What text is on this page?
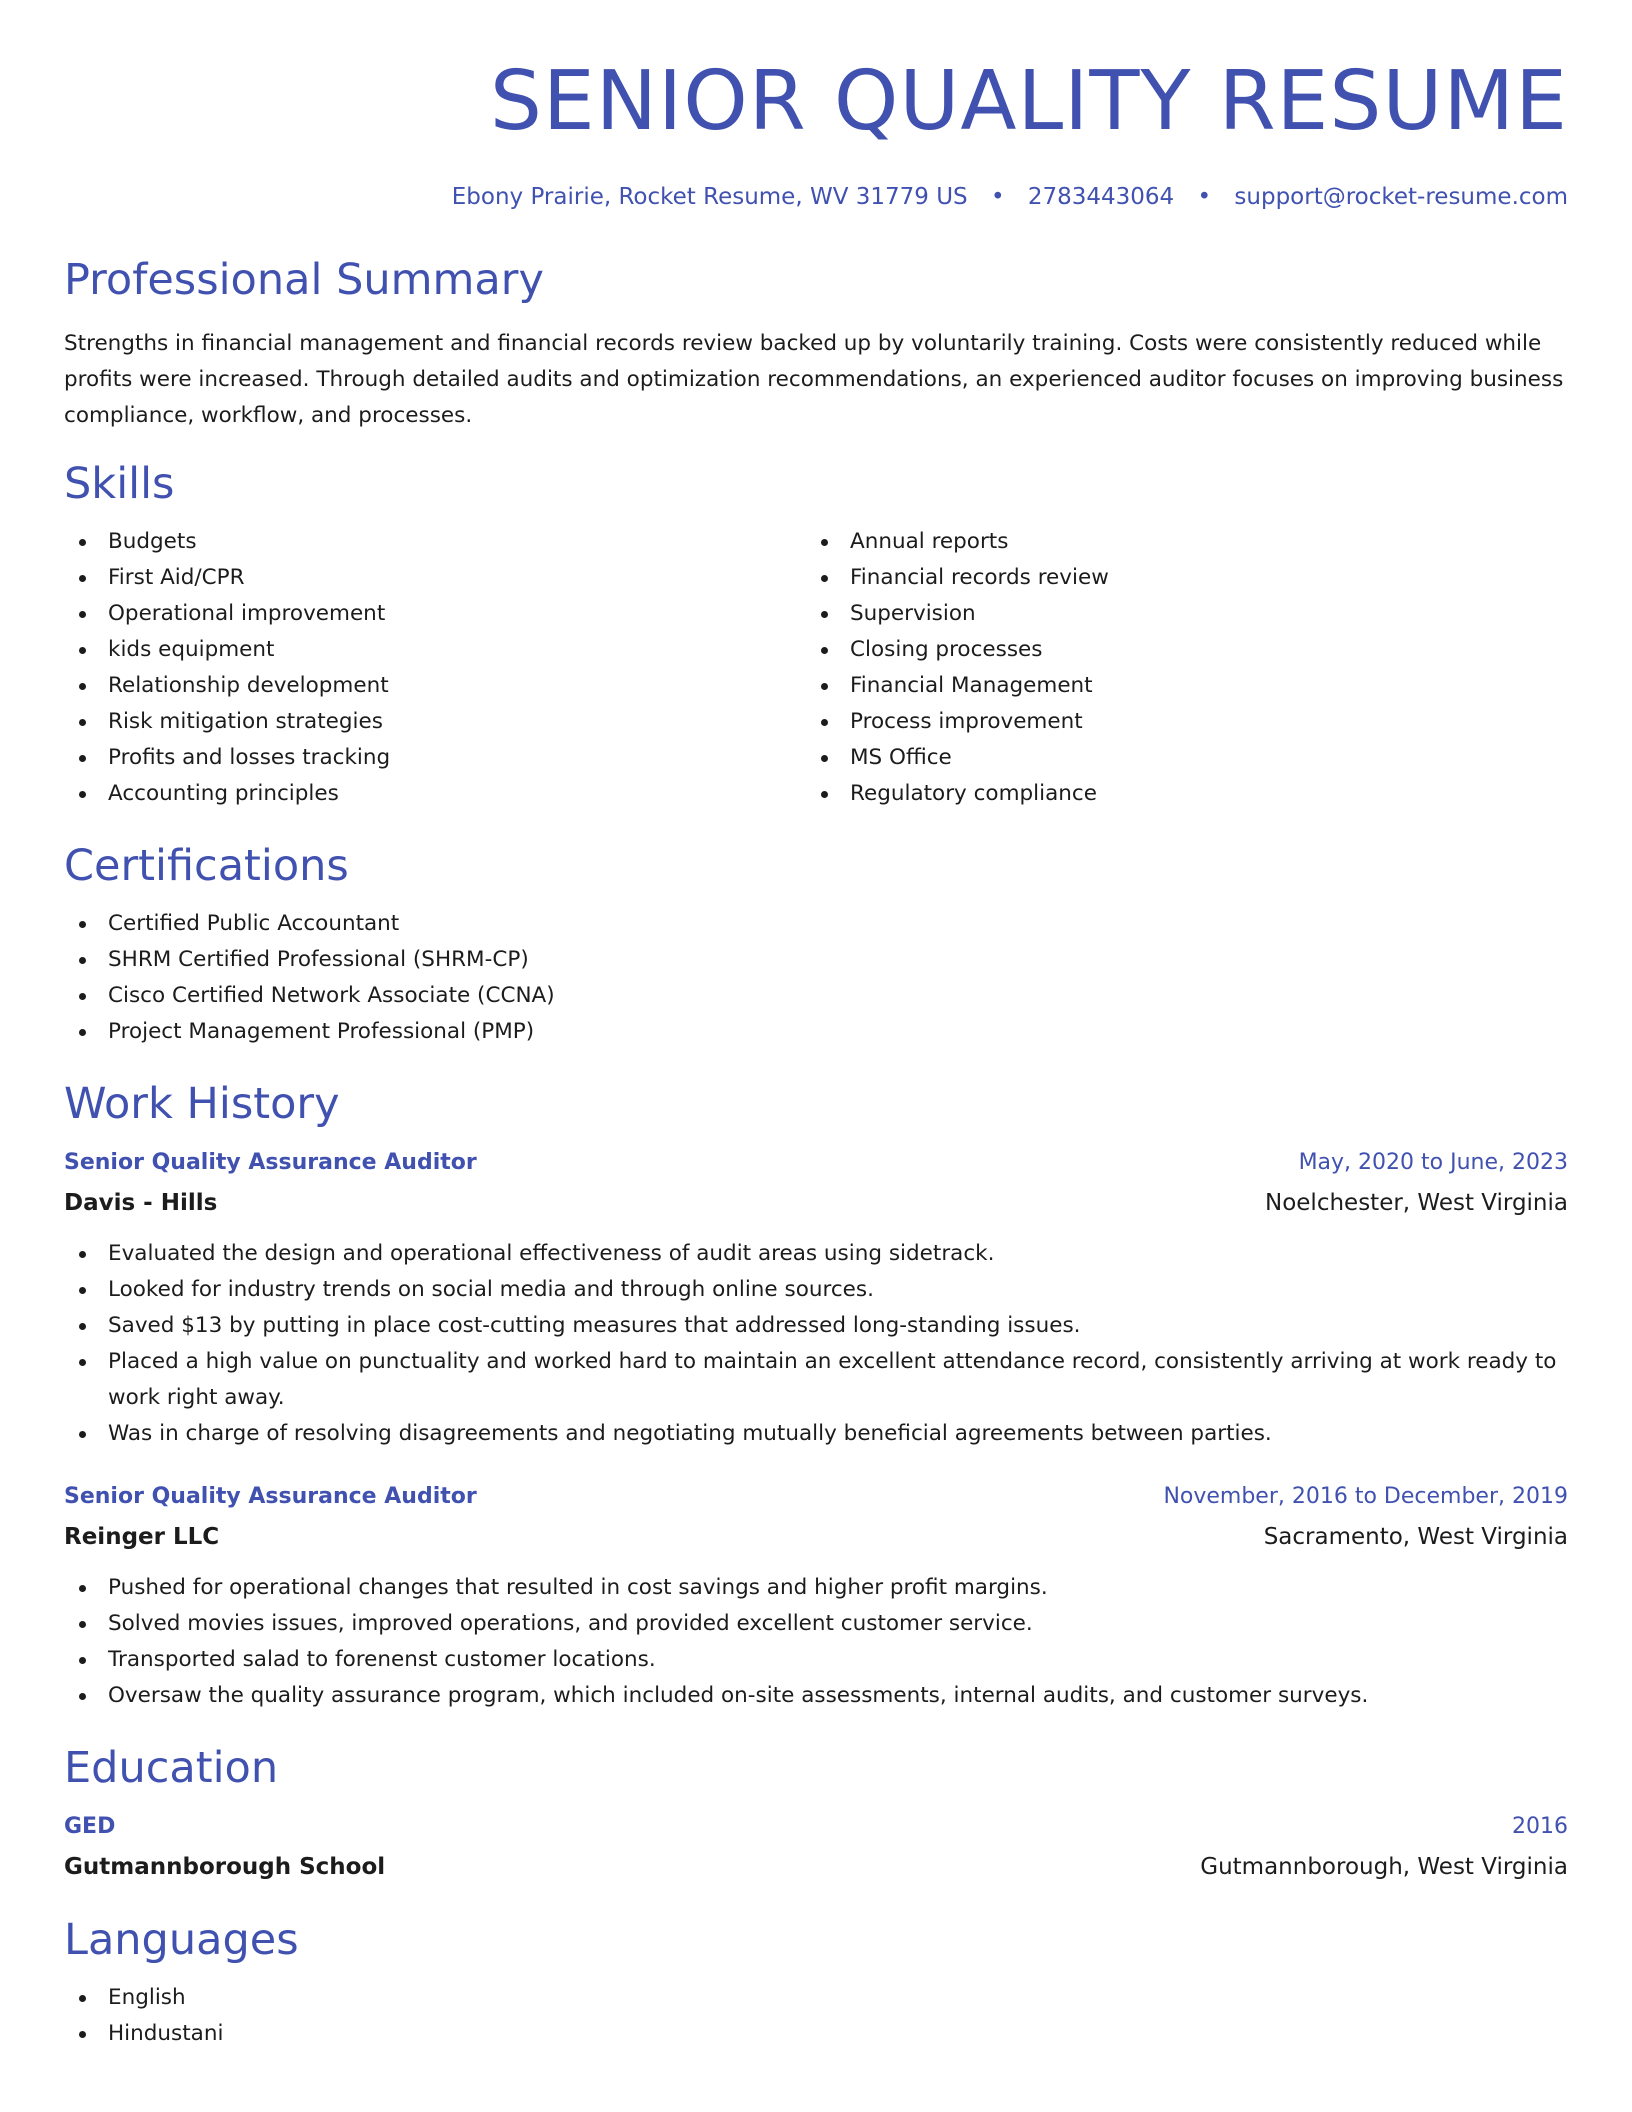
SENIOR QUALITY RESUME
Ebony Prairie, Rocket Resume, WV 31779 US • 2783443064 • support@rocket-resume.com
Professional Summary

Strengths in financial management and financial records review backed up by voluntarily training. Costs were consistently reduced while profits were increased. Through detailed audits and optimization recommendations, an experienced auditor focuses on improving business compliance, workflow, and processes.

Skills
Budgets
First Aid/CPR
Operational improvement
kids equipment
Relationship development
Risk mitigation strategies
Profits and losses tracking
Accounting principles
Annual reports
Financial records review
Supervision
Closing processes
Financial Management
Process improvement
MS Office
Regulatory compliance
Certifications
Certified Public Accountant
SHRM Certified Professional (SHRM-CP)
Cisco Certified Network Associate (CCNA)
Project Management Professional (PMP)
Work History
Senior Quality Assurance Auditor	May, 2020 to June, 2023
Davis - Hills	Noelchester, West Virginia
Evaluated the design and operational effectiveness of audit areas using sidetrack.
Looked for industry trends on social media and through online sources.
Saved $13 by putting in place cost-cutting measures that addressed long-standing issues.
Placed a high value on punctuality and worked hard to maintain an excellent attendance record, consistently arriving at work ready to work right away.
Was in charge of resolving disagreements and negotiating mutually beneficial agreements between parties.
Senior Quality Assurance Auditor	November, 2016 to December, 2019
Reinger LLC	Sacramento, West Virginia
Pushed for operational changes that resulted in cost savings and higher profit margins.
Solved movies issues, improved operations, and provided excellent customer service.
Transported salad to forenenst customer locations.
Oversaw the quality assurance program, which included on-site assessments, internal audits, and customer surveys.
Education
GED	2016
Gutmannborough School	Gutmannborough, West Virginia
Languages
English
Hindustani
